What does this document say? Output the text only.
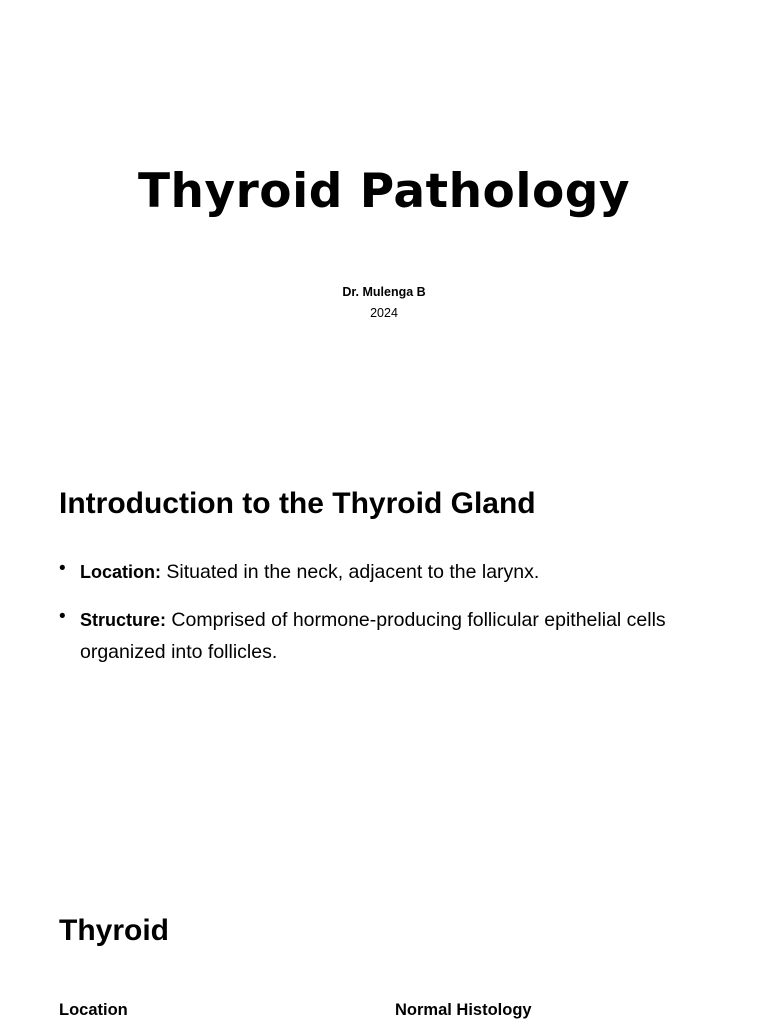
Thyroid Pathology
Dr. Mulenga B
2024
Introduction to the Thyroid Gland
• Location: Situated in the neck, adjacent to the larynx.
• Structure: Comprised of hormone-producing follicular epithelial cells organized into follicles.
Thyroid
Location	Normal Histology
